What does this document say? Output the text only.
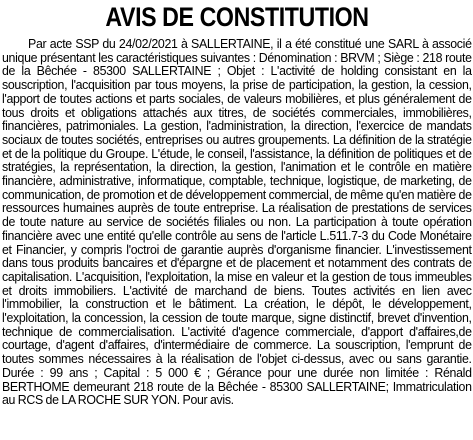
AVIS DE CONSTITUTION

Par acte SSP du 24/02/2021 à SALLERTAINE, il a été constitué une SARL à associé unique présentant les caractéristiques suivantes : Dénomination : BRVM ; Siège : 218 route de la Bêchée - 85300 SALLERTAINE ; Objet : L'activité de holding consistant en la souscription, l'acquisition par tous moyens, la prise de participation, la gestion, la cession, l'apport de toutes actions et parts sociales, de valeurs mobilières, et plus généralement de tous droits et obligations attachés aux titres, de sociétés commerciales, immobilières, financières, patrimoniales. La gestion, l'administration, la direction, l'exercice de mandats sociaux de toutes sociétés, entreprises ou autres groupements. La définition de la stratégie et de la politique du Groupe. L'étude, le conseil, l'assistance, la définition de politiques et de stratégies, la représentation, la direction, la gestion, l'animation et le contrôle en matière financière, administrative, informatique, comptable, technique, logistique, de marketing, de communication, de promotion et de développement commercial, de même qu'en matière de ressources humaines auprès de toute entreprise. La réalisation de prestations de services de toute nature au service de sociétés filiales ou non. La participation à toute opération financière avec une entité qu'elle contrôle au sens de l'article L.511.7-3 du Code Monétaire et Financier, y compris l'octroi de garantie auprès d'organisme financier. L'investissement dans tous produits bancaires et d'épargne et de placement et notamment des contrats de capitalisation. L'acquisition, l'exploitation, la mise en valeur et la gestion de tous immeubles et droits immobiliers. L'activité de marchand de biens. Toutes activités en lien avec l'immobilier, la construction et le bâtiment. La création, le dépôt, le développement, l'exploitation, la concession, la cession de toute marque, signe distinctif, brevet d'invention, technique de commercialisation. L'activité d'agence commerciale, d'apport d'affaires,de courtage, d'agent d'affaires, d'intermédiaire de commerce. La souscription, l'emprunt de toutes sommes nécessaires à la réalisation de l'objet ci-dessus, avec ou sans garantie. Durée : 99 ans ; Capital : 5 000 € ; Gérance pour une durée non limitée : Rénald BERTHOME demeurant 218 route de la Bêchée - 85300 SALLERTAINE; Immatriculation au RCS de LA ROCHE SUR YON. Pour avis.
